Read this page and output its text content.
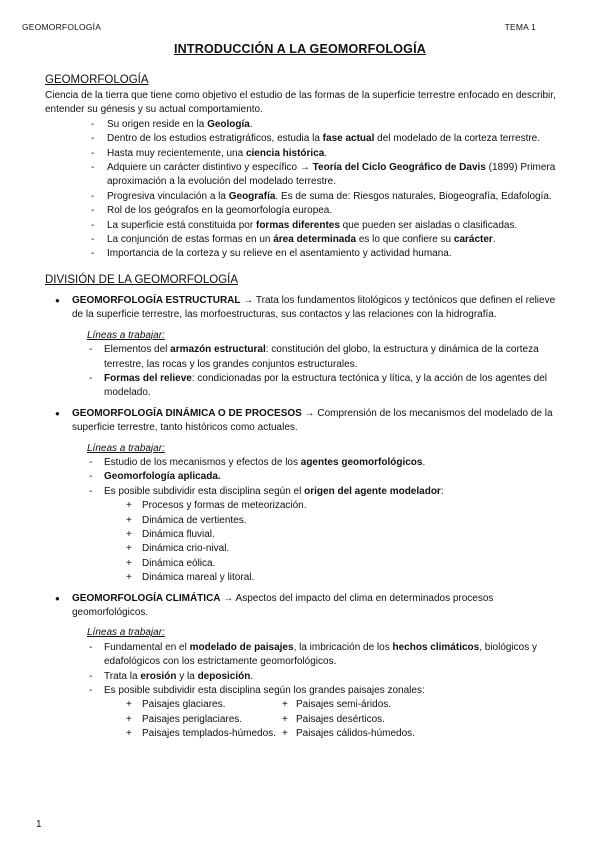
GEOMORFOLOGÍA	TEMA 1
INTRODUCCIÓN A LA GEOMORFOLOGÍA
GEOMORFOLOGÍA
Ciencia de la tierra que tiene como objetivo el estudio de las formas de la superficie terrestre enfocado en describir, entender su génesis y su actual comportamiento.
- Su origen reside en la Geología.
- Dentro de los estudios estratigráficos, estudia la fase actual del modelado de la corteza terrestre.
- Hasta muy recientemente, una ciencia histórica.
- Adquiere un carácter distintivo y específico → Teoría del Ciclo Geográfico de Davis (1899) Primera aproximación a la evolución del modelado terrestre.
- Progresiva vinculación a la Geografía. Es de suma de: Riesgos naturales, Biogeografía, Edafología.
- Rol de los geógrafos en la geomorfología europea.
- La superficie está constituida por formas diferentes que pueden ser aisladas o clasificadas.
- La conjunción de estas formas en un área determinada es lo que confiere su carácter.
- Importancia de la corteza y su relieve en el asentamiento y actividad humana.
DIVISIÓN DE LA GEOMORFOLOGÍA
● GEOMORFOLOGÍA ESTRUCTURAL → Trata los fundamentos litológicos y tectónicos que definen el relieve de la superficie terrestre, las morfoestructuras, sus contactos y las relaciones con la hidrografía.
Líneas a trabajar:
- Elementos del armazón estructural: constitución del globo, la estructura y dinámica de la corteza terrestre, las rocas y los grandes conjuntos estructurales.
- Formas del relieve: condicionadas por la estructura tectónica y lítica, y la acción de los agentes del modelado.
● GEOMORFOLOGÍA DINÁMICA O DE PROCESOS → Comprensión de los mecanismos del modelado de la superficie terrestre, tanto históricos como actuales.
Líneas a trabajar:
- Estudio de los mecanismos y efectos de los agentes geomorfológicos.
- Geomorfología aplicada.
- Es posible subdividir esta disciplina según el origen del agente modelador:
+ Procesos y formas de meteorización.
+ Dinámica de vertientes.
+ Dinámica fluvial.
+ Dinámica crio-nival.
+ Dinámica eólica.
+ Dinámica mareal y litoral.
● GEOMORFOLOGÍA CLIMÁTICA → Aspectos del impacto del clima en determinados procesos geomorfológicos.
Líneas a trabajar:
- Fundamental en el modelado de paisajes, la imbricación de los hechos climáticos, biológicos y edafológicos con los estrictamente geomorfológicos.
- Trata la erosión y la deposición.
- Es posible subdividir esta disciplina según los grandes paisajes zonales:
+ Paisajes glaciares.
+ Paisajes periglaciares.
+ Paisajes templados-húmedos.
+ Paisajes semi-áridos.
+ Paisajes desérticos.
+ Paisajes cálidos-húmedos.
1
